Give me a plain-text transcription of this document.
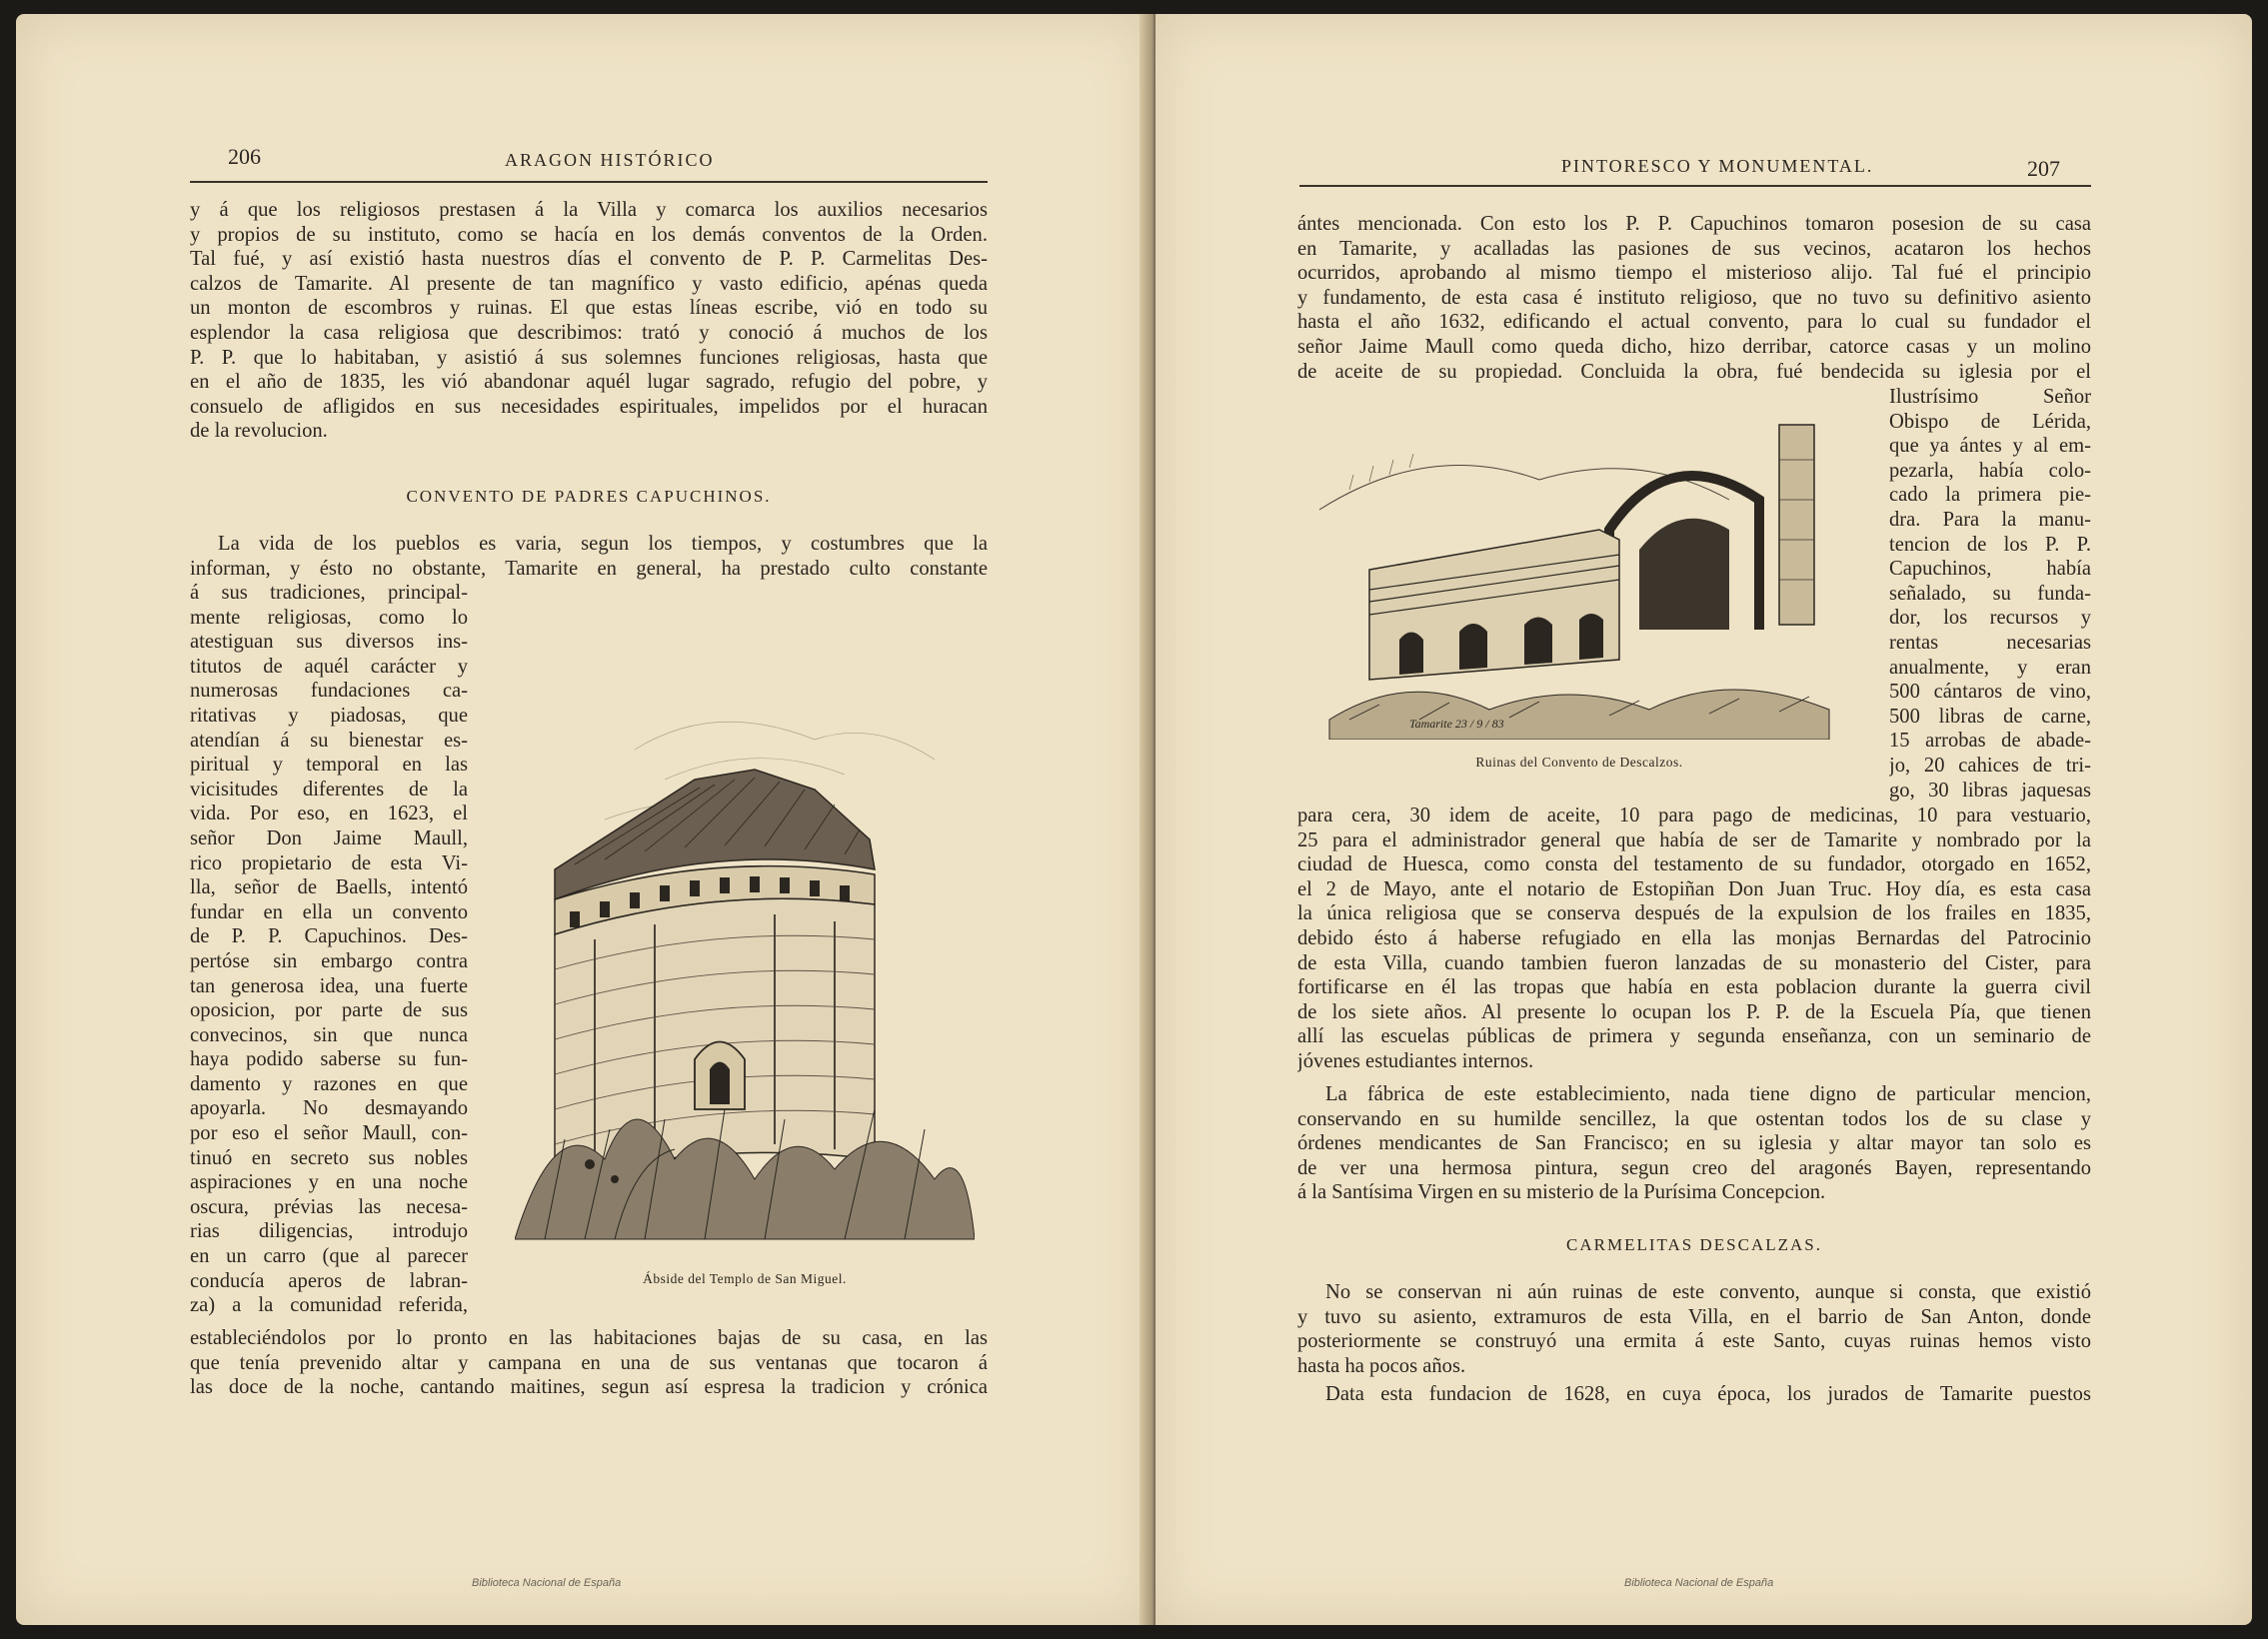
206	ARAGON HISTÓRICO
y á que los religiosos prestasen á la Villa y comarca los auxilios necesarios
y propios de su instituto, como se hacía en los demás conventos de la Orden.
Tal fué, y así existió hasta nuestros días el convento de P. P. Carmelitas Des-
calzos de Tamarite. Al presente de tan magnífico y vasto edificio, apénas queda
un monton de escombros y ruinas. El que estas líneas escribe, vió en todo su
esplendor la casa religiosa que describimos: trató y conoció á muchos de los
P. P. que lo habitaban, y asistió á sus solemnes funciones religiosas, hasta que
en el año de 1835, les vió abandonar aquél lugar sagrado, refugio del pobre, y
consuelo de afligidos en sus necesidades espirituales, impelidos por el huracan
de la revolucion.
CONVENTO DE PADRES CAPUCHINOS.
La vida de los pueblos es varia, segun los tiempos, y costumbres que la
informan, y ésto no obstante, Tamarite en general, ha prestado culto constante
á sus tradiciones, principal-
mente religiosas, como lo
atestiguan sus diversos ins-
titutos de aquél carácter y
numerosas fundaciones ca-
ritativas y piadosas, que
atendían á su bienestar es-
piritual y temporal en las
vicisitudes diferentes de la
vida. Por eso, en 1623, el
señor Don Jaime Maull,
rico propietario de esta Vi-
lla, señor de Baells, intentó
fundar en ella un convento
de P. P. Capuchinos. Des-
pertóse sin embargo contra
tan generosa idea, una fuerte
oposicion, por parte de sus
convecinos, sin que nunca
haya podido saberse su fun-
damento y razones en que
apoyarla. No desmayando
por eso el señor Maull, con-
tinuó en secreto sus nobles
aspiraciones y en una noche
oscura, prévias las necesa-
rias diligencias, introdujo
en un carro (que al parecer
conducía aperos de labran-
za) a la comunidad referida,
estableciéndolos por lo pronto en las habitaciones bajas de su casa, en las
que tenía prevenido altar y campana en una de sus ventanas que tocaron á
las doce de la noche, cantando maitines, segun así espresa la tradicion y crónica
Ábside del Templo de San Miguel.
Biblioteca Nacional de España
PINTORESCO Y MONUMENTAL.	207
ántes mencionada. Con esto los P. P. Capuchinos tomaron posesion de su casa
en Tamarite, y acalladas las pasiones de sus vecinos, acataron los hechos
ocurridos, aprobando al mismo tiempo el misterioso alijo. Tal fué el principio
y fundamento, de esta casa é instituto religioso, que no tuvo su definitivo asiento
hasta el año 1632, edificando el actual convento, para lo cual su fundador el
señor Jaime Maull como queda dicho, hizo derribar, catorce casas y un molino
de aceite de su propiedad. Concluida la obra, fué bendecida su iglesia por el
Tamarite 23 / 9 / 83
Ruinas del Convento de Descalzos.
Ilustrísimo Señor
Obispo de Lérida,
que ya ántes y al em-
pezarla, había colo-
cado la primera pie-
dra. Para la manu-
tencion de los P. P.
Capuchinos, había
señalado, su funda-
dor, los recursos y
rentas necesarias
anualmente, y eran
500 cántaros de vino,
500 libras de carne,
15 arrobas de abade-
jo, 20 cahices de tri-
go, 30 libras jaquesas
para cera, 30 idem de aceite, 10 para pago de medicinas, 10 para vestuario,
25 para el administrador general que había de ser de Tamarite y nombrado por la
ciudad de Huesca, como consta del testamento de su fundador, otorgado en 1652,
el 2 de Mayo, ante el notario de Estopiñan Don Juan Truc. Hoy día, es esta casa
la única religiosa que se conserva después de la expulsion de los frailes en 1835,
debido ésto á haberse refugiado en ella las monjas Bernardas del Patrocinio
de esta Villa, cuando tambien fueron lanzadas de su monasterio del Cister, para
fortificarse en él las tropas que había en esta poblacion durante la guerra civil
de los siete años. Al presente lo ocupan los P. P. de la Escuela Pía, que tienen
allí las escuelas públicas de primera y segunda enseñanza, con un seminario de
jóvenes estudiantes internos.
La fábrica de este establecimiento, nada tiene digno de particular mencion,
conservando en su humilde sencillez, la que ostentan todos los de su clase y
órdenes mendicantes de San Francisco; en su iglesia y altar mayor tan solo es
de ver una hermosa pintura, segun creo del aragonés Bayen, representando
á la Santísima Virgen en su misterio de la Purísima Concepcion.
CARMELITAS DESCALZAS.
No se conservan ni aún ruinas de este convento, aunque si consta, que existió
y tuvo su asiento, extramuros de esta Villa, en el barrio de San Anton, donde
posteriormente se construyó una ermita á este Santo, cuyas ruinas hemos visto
hasta ha pocos años.
Data esta fundacion de 1628, en cuya época, los jurados de Tamarite puestos
Biblioteca Nacional de España
